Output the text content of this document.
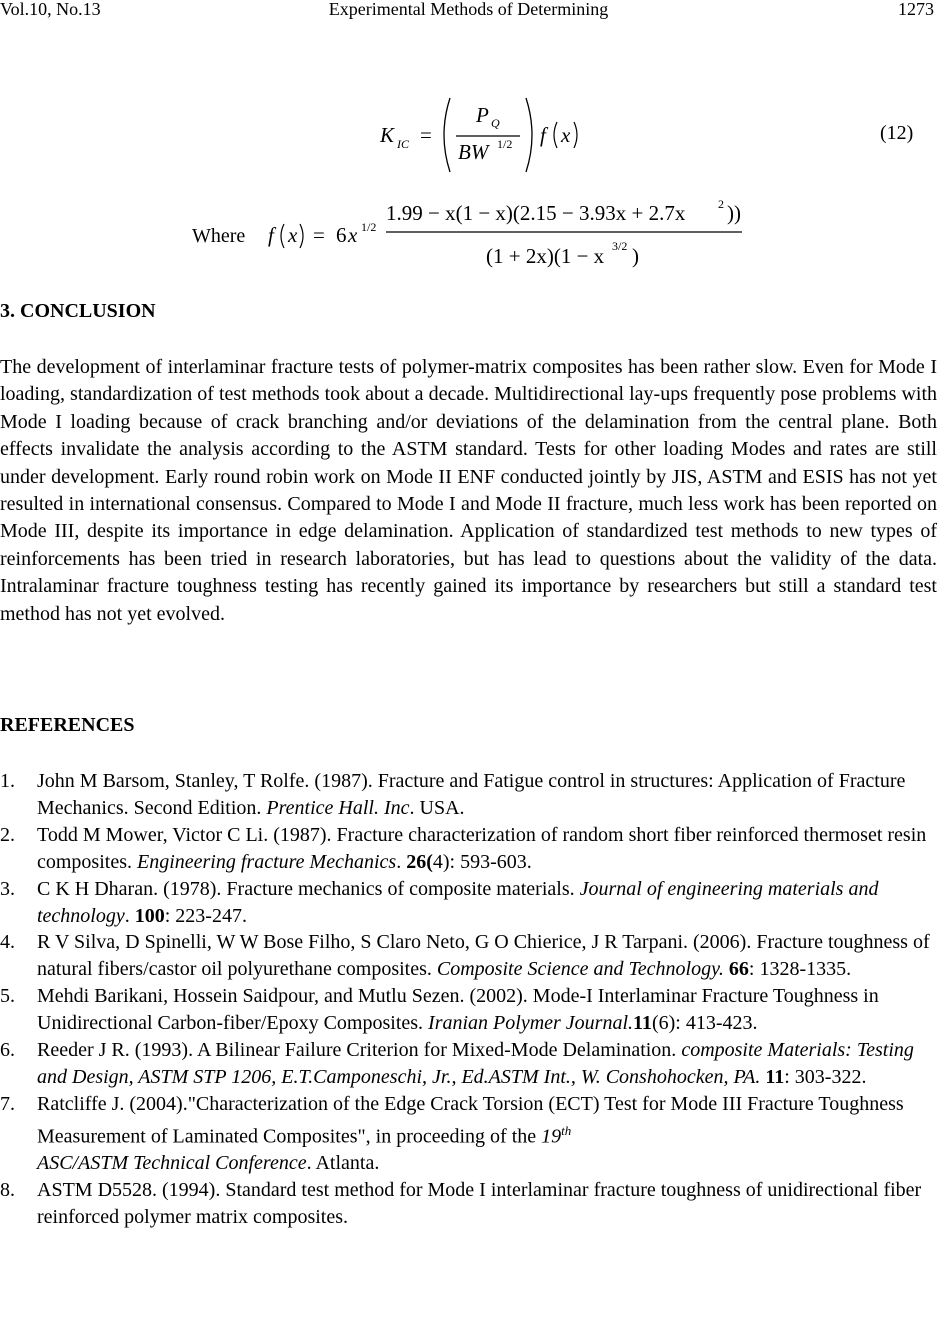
Vol.10, No.13	Experimental Methods of Determining	1273
K IC =
P Q
BW 1/2 f x	(12)
Where f x = 6 x 1/2
1.99 − x(1 − x)(2.15 − 3.93x + 2.7x	2 ))
(1 + 2x)(1 − x 3/2 )
3. CONCLUSION
The development of interlaminar fracture tests of polymer-matrix composites has been rather slow. Even for Mode I loading, standardization of test methods took about a decade. Multidirectional lay-ups frequently pose problems with Mode I loading because of crack branching and/or deviations of the delamination from the central plane. Both effects invalidate the analysis according to the ASTM standard. Tests for other loading Modes and rates are still under development. Early round robin work on Mode II ENF conducted jointly by JIS, ASTM and ESIS has not yet resulted in international consensus. Compared to Mode I and Mode II fracture, much less work has been reported on Mode III, despite its importance in edge delamination. Application of standardized test methods to new types of reinforcements has been tried in research laboratories, but has lead to questions about the validity of the data. Intralaminar fracture toughness testing has recently gained its importance by researchers but still a standard test method has not yet evolved.
REFERENCES
1. John M Barsom, Stanley, T Rolfe. (1987). Fracture and Fatigue control in structures: Application of Fracture Mechanics. Second Edition. Prentice Hall. Inc. USA.
2. Todd M Mower, Victor C Li. (1987). Fracture characterization of random short fiber reinforced thermoset resin composites. Engineering fracture Mechanics. 26(4): 593-603.
3. C K H Dharan. (1978). Fracture mechanics of composite materials. Journal of engineering materials and technology. 100: 223-247.
4. R V Silva, D Spinelli, W W Bose Filho, S Claro Neto, G O Chierice, J R Tarpani. (2006). Fracture toughness of natural fibers/castor oil polyurethane composites. Composite Science and Technology. 66: 1328-1335.
5. Mehdi Barikani, Hossein Saidpour, and Mutlu Sezen. (2002). Mode-I Interlaminar Fracture Toughness in Unidirectional Carbon-fiber/Epoxy Composites. Iranian Polymer Journal.11(6): 413-423.
6. Reeder J R. (1993). A Bilinear Failure Criterion for Mixed-Mode Delamination. composite Materials: Testing and Design, ASTM STP 1206, E.T.Camponeschi, Jr., Ed.ASTM Int., W. Conshohocken, PA. 11: 303-322.
7. Ratcliffe J. (2004)."Characterization of the Edge Crack Torsion (ECT) Test for Mode III Fracture Toughness Measurement of Laminated Composites", in proceeding of the 19th
ASC/ASTM Technical Conference. Atlanta.
8. ASTM D5528. (1994). Standard test method for Mode I interlaminar fracture toughness of unidirectional fiber reinforced polymer matrix composites.
